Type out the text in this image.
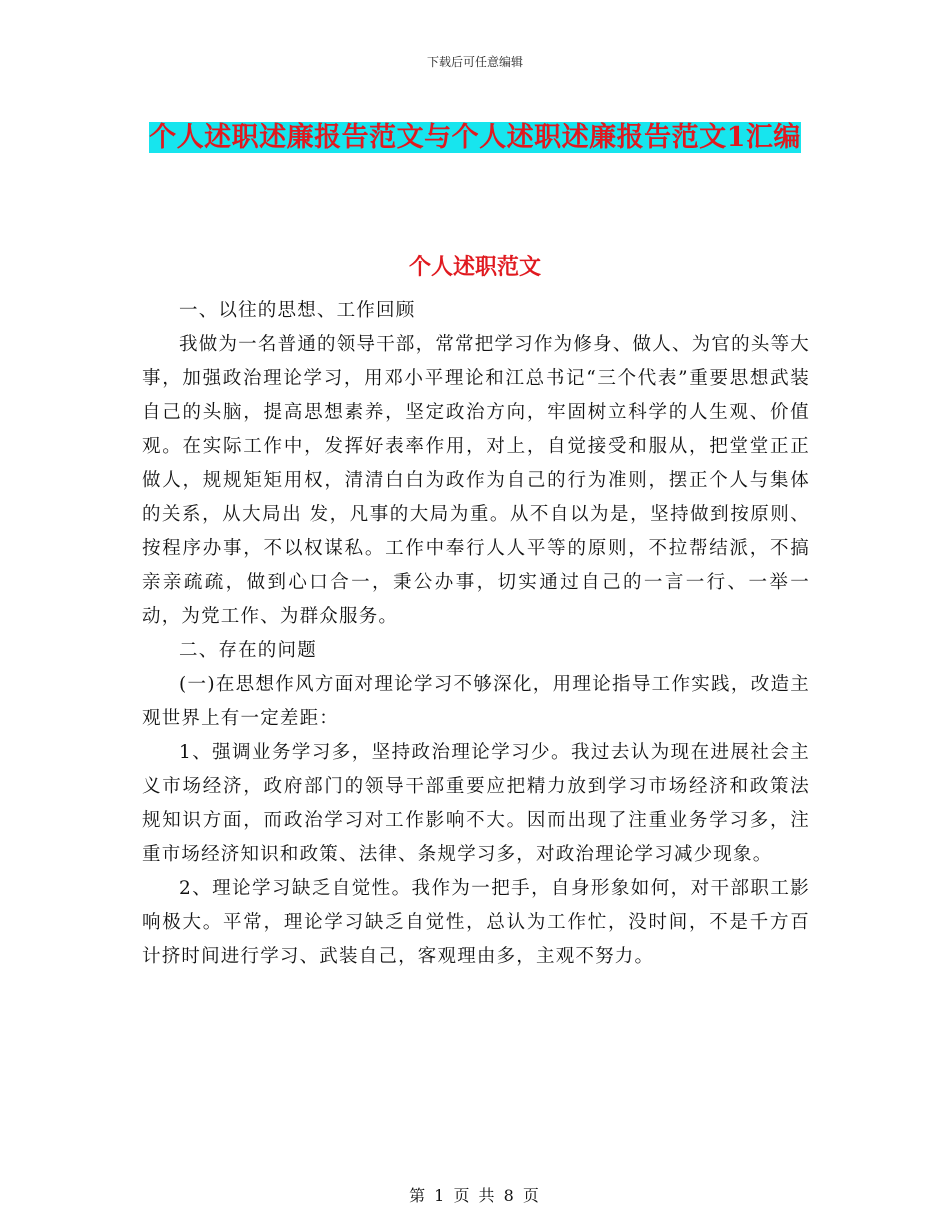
下载后可任意编辑
个人述职述廉报告范文与个人述职述廉报告范文1汇编
个人述职范文

一、以往的思想、工作回顾

我做为一名普通的领导干部，常常把学习作为修身、做人、为官的头等大事，加强政治理论学习，用邓小平理论和江总书记“三个代表”重要思想武装自己的头脑，提高思想素养，坚定政治方向，牢固树立科学的人生观、价值观。在实际工作中，发挥好表率作用，对上，自觉接受和服从，把堂堂正正做人，规规矩矩用权，清清白白为政作为自己的行为准则，摆正个人与集体的关系，从大局出 发，凡事的大局为重。从不自以为是，坚持做到按原则、按程序办事，不以权谋私。工作中奉行人人平等的原则，不拉帮结派，不搞亲亲疏疏，做到心口合一，秉公办事，切实通过自己的一言一行、一举一动，为党工作、为群众服务。

二、存在的问题

(一)在思想作风方面对理论学习不够深化，用理论指导工作实践，改造主观世界上有一定差距：

1、强调业务学习多，坚持政治理论学习少。我过去认为现在进展社会主义市场经济，政府部门的领导干部重要应把精力放到学习市场经济和政策法规知识方面，而政治学习对工作影响不大。因而出现了注重业务学习多，注重市场经济知识和政策、法律、条规学习多，对政治理论学习减少现象。

2、理论学习缺乏自觉性。我作为一把手，自身形象如何，对干部职工影响极大。平常，理论学习缺乏自觉性，总认为工作忙，没时间，不是千方百计挤时间进行学习、武装自己，客观理由多，主观不努力。

第 1 页 共 8 页
